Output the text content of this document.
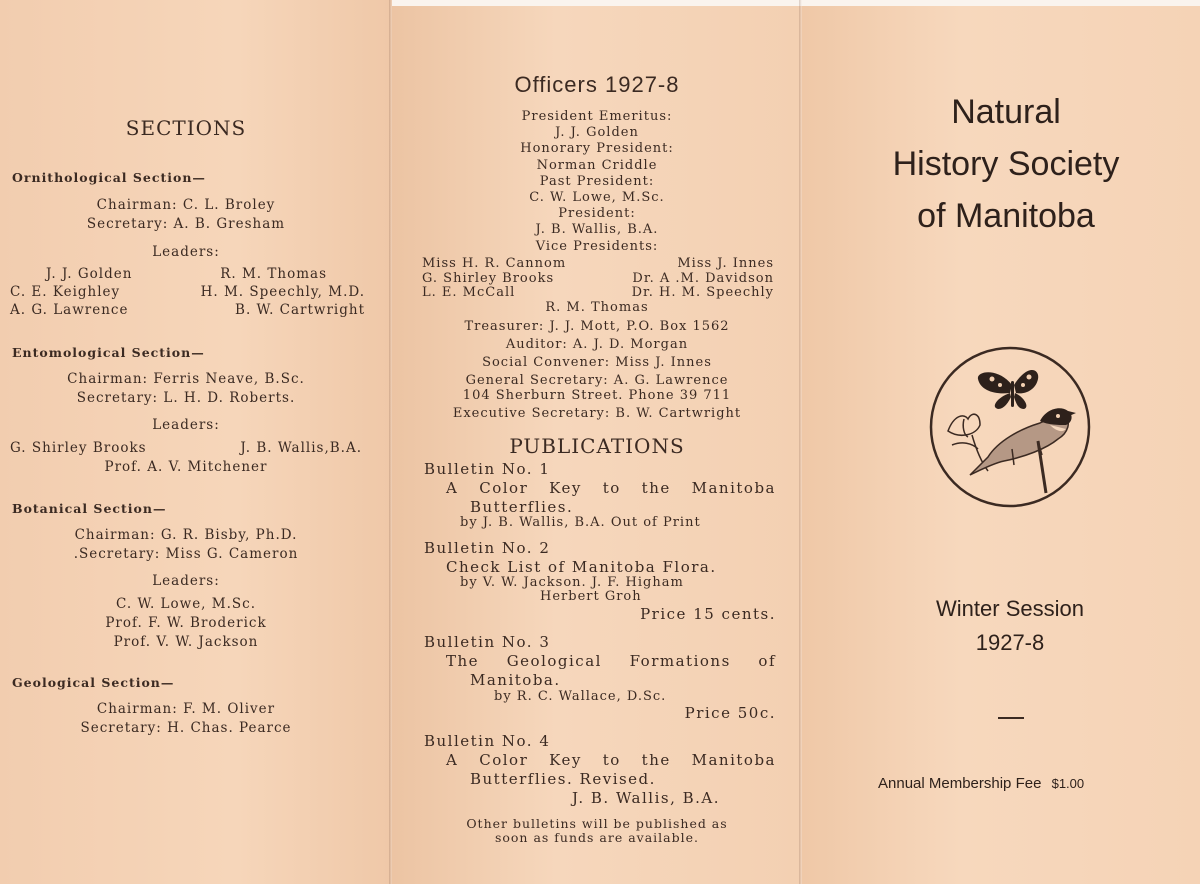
SECTIONS
Ornithological Section—
Chairman: C. L. Broley
Secretary: A. B. Gresham
Leaders:
J. J. Golden	R. M. Thomas
C. E. Keighley	H. M. Speechly, M.D.
A. G. Lawrence	B. W. Cartwright
Entomological Section—
Chairman: Ferris Neave, B.Sc.
Secretary: L. H. D. Roberts.
Leaders:
G. Shirley Brooks	J. B. Wallis,B.A.
Prof. A. V. Mitchener
Botanical Section—
Chairman: G. R. Bisby, Ph.D.
.Secretary: Miss G. Cameron
Leaders:
C. W. Lowe, M.Sc.
Prof. F. W. Broderick
Prof. V. W. Jackson
Geological Section—
Chairman: F. M. Oliver
Secretary: H. Chas. Pearce
Officers 1927-8
President Emeritus:
J. J. Golden
Honorary President:
Norman Criddle
Past President:
C. W. Lowe, M.Sc.
President:
J. B. Wallis, B.A.
Vice Presidents:
Miss H. R. Cannom	Miss J. Innes
G. Shirley Brooks	Dr. A .M. Davidson
L. E. McCall	Dr. H. M. Speechly
R. M. Thomas
Treasurer: J. J. Mott, P.O. Box 1562
Auditor: A. J. D. Morgan
Social Convener: Miss J. Innes
General Secretary: A. G. Lawrence
104 Sherburn Street. Phone 39 711
Executive Secretary: B. W. Cartwright
PUBLICATIONS
Bulletin No. 1
A Color Key to the Manitoba
Butterflies.
by J. B. Wallis, B.A. Out of Print
Bulletin No. 2
Check List of Manitoba Flora.
by V. W. Jackson. J. F. Higham
Herbert Groh
Price 15 cents.
Bulletin No. 3
The Geological Formations of
Manitoba.
by R. C. Wallace, D.Sc.
Price 50c.
Bulletin No. 4
A Color Key to the Manitoba
Butterflies. Revised.
J. B. Wallis, B.A.
Other bulletins will be published as
soon as funds are available.
Natural
History Society
of Manitoba
Winter Session
1927-8
Annual Membership Fee $1.00
